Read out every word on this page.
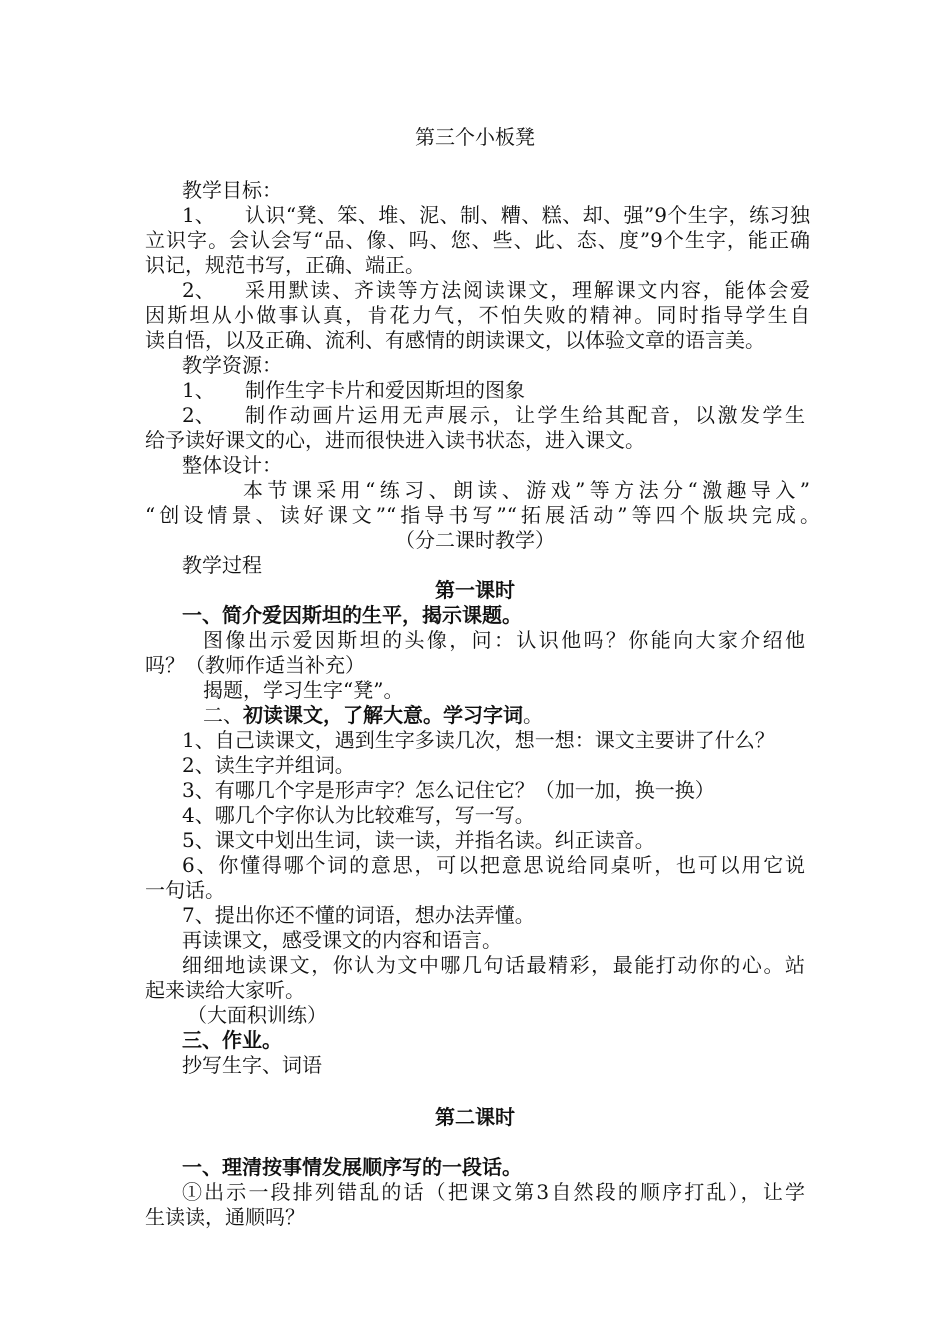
第三个小板凳
教学目标：
1、	认识“凳、笨、堆、泥、制、糟、糕、却、强”9个生字，练习独
立识字。会认会写“品、像、吗、您、些、此、态、度”9个生字，能正确
识记，规范书写，正确、端正。
2、	采用默读、齐读等方法阅读课文，理解课文内容，能体会爱
因斯坦从小做事认真，肯花力气，不怕失败的精神。同时指导学生自
读自悟，以及正确、流利、有感情的朗读课文，以体验文章的语言美。
教学资源：
1、	制作生字卡片和爱因斯坦的图象
2、	制作动画片运用无声展示，让学生给其配音，以激发学生
给予读好课文的心，进而很快进入读书状态，进入课文。
整体设计：
本节课采用“练习、朗读、游戏”等方法分“激趣导入”
“创设情景、读好课文”“指导书写”“拓展活动”等四个版块完成。
（分二课时教学）
教学过程
第一课时
一、简介爱因斯坦的生平，揭示课题。
图像出示爱因斯坦的头像，问：认识他吗？你能向大家介绍他
吗？（教师作适当补充）
揭题，学习生字“凳”。
二、初读课文，了解大意。学习字词。
1、自己读课文，遇到生字多读几次，想一想：课文主要讲了什么？
2、读生字并组词。
3、有哪几个字是形声字？怎么记住它？（加一加，换一换）
4、哪几个字你认为比较难写，写一写。
5、课文中划出生词，读一读，并指名读。纠正读音。
6、你懂得哪个词的意思，可以把意思说给同桌听，也可以用它说
一句话。
7、提出你还不懂的词语，想办法弄懂。
再读课文，感受课文的内容和语言。
细细地读课文，你认为文中哪几句话最精彩，最能打动你的心。站
起来读给大家听。
（大面积训练）
三、作业。
抄写生字、词语
第二课时
一、理清按事情发展顺序写的一段话。
①出示一段排列错乱的话（把课文第3自然段的顺序打乱），让学
生读读，通顺吗？
